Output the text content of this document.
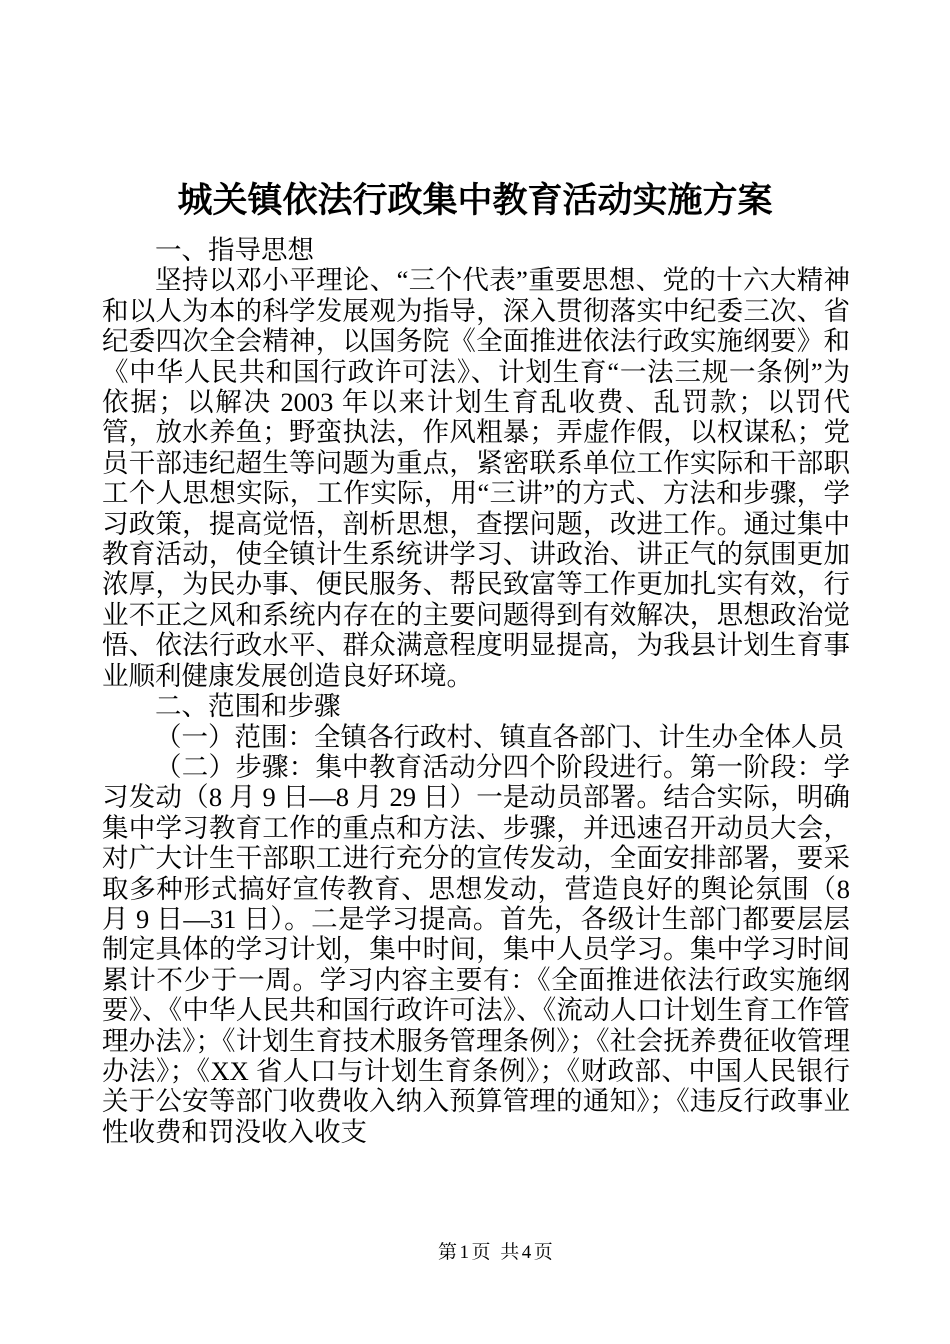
城关镇依法行政集中教育活动实施方案

一、指导思想

坚持以邓小平理论、“三个代表”重要思想、党的十六大精神和以人为本的科学发展观为指导，深入贯彻落实中纪委三次、省纪委四次全会精神，以国务院《全面推进依法行政实施纲要》和《中华人民共和国行政许可法》、计划生育“一法三规一条例”为依据；以解决 2003 年以来计划生育乱收费、乱罚款；以罚代管，放水养鱼；野蛮执法，作风粗暴；弄虚作假，以权谋私；党员干部违纪超生等问题为重点，紧密联系单位工作实际和干部职工个人思想实际，工作实际，用“三讲”的方式、方法和步骤，学习政策，提高觉悟，剖析思想，查摆问题，改进工作。通过集中教育活动，使全镇计生系统讲学习、讲政治、讲正气的氛围更加浓厚，为民办事、便民服务、帮民致富等工作更加扎实有效，行业不正之风和系统内存在的主要问题得到有效解决，思想政治觉悟、依法行政水平、群众满意程度明显提高，为我县计划生育事业顺利健康发展创造良好环境。

二、范围和步骤

（一）范围：全镇各行政村、镇直各部门、计生办全体人员

（二）步骤：集中教育活动分四个阶段进行。第一阶段：学习发动（8 月 9 日—8 月 29 日）一是动员部署。结合实际，明确集中学习教育工作的重点和方法、步骤，并迅速召开动员大会，对广大计生干部职工进行充分的宣传发动，全面安排部署，要采取多种形式搞好宣传教育、思想发动，营造良好的舆论氛围（8 月 9 日—31 日）。二是学习提高。首先，各级计生部门都要层层制定具体的学习计划，集中时间，集中人员学习。集中学习时间累计不少于一周。学习内容主要有：《全面推进依法行政实施纲要》、《中华人民共和国行政许可法》、《流动人口计划生育工作管理办法》；《计划生育技术服务管理条例》；《社会抚养费征收管理办法》；《XX 省人口与计划生育条例》；《财政部、中国人民银行关于公安等部门收费收入纳入预算管理的通知》；《违反行政事业性收费和罚没收入收支

第1页 共4页
